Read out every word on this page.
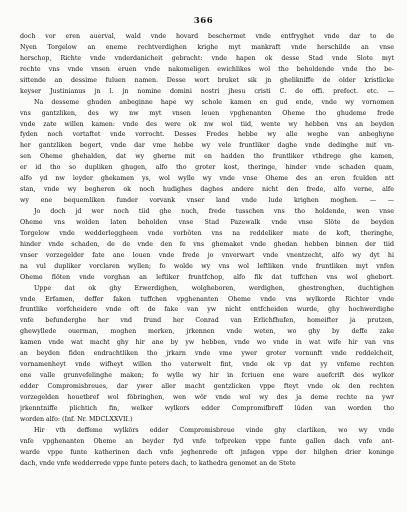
366
doch vor eren auerval, wald vnde hovard beschermet vnde entfryghet vnde dar to de
Nyen Torgelow an eneme rechtverdighen krighe myt mankraft vnde herschilde an vnse
herschop, Richte vnde vnderdanicheit gebracht: vnde hapen ok desse Stad vnde Slote myt
rechte vns vnde vnsen eruen vnde nakomeligen ewichlikes wol tho beholdende vnde tho be-
sittende an dessime fuluen namen. Desse wort bruket sik jn ghelikniffe de older kristlicke
keyser Justinianus jn l. jn nomine domini nostri jhesu cristi C. de offi. prefect. etc. —
Na desseme ghuden anbeginne hape wy schole kamen en gud ende, vnde wy vornomen
vns gantzliken, des wy nw myt vnsen leuen vpghenanten Oheme tho ghudeme frede
vnde zate willen kamen: vnde des were ok nw wol tiid, wente wy hebben vns an beyden
fyden noch vortaftet vnde vorrocht. Desses Fredes hebbe wy alle weghe van anbeghyne
her gantzliken begert, vnde dar vme hebbe wy vele fruntliker daghe vnde dedinghe mit vn-
sen Oheme ghehalden, dat wy gherne mit en hadden tho fruntliker vthdrege ghe kamen,
er id tho so dupliken ghugen, alfo tho groter kost, theringe, hinder vnde schaden quam,
alfo yd nw leyder ghekamen ys, wol wylle wy vnde vnse Oheme des an eren fculden ntt
stan, vnde wy begheren ok noch hudighes daghes andere nicht den frede, alfo verne, alfe
wy ene bequemliken funder vorvank vnser land vnde lude krighen moghen. — —
Jo doch jd wer noch tiid ghe nuch, frede tusschen vns tho holdende, wen vnse
Oheme vns wolden laten beholden vnse Stad Pazewalk vnde vnse Slöte de beyden
Torgelow vnde wedderleggheen vnde vorbôten vns na reddeliker mate de koft, theringhe,
hinder vnde schaden, de de vnde den fe vns ghemaket vnde ghedan hebben binnen der tiid
vnser vorzegelder fate ane louen vnde frede jo vnverwart vnde vnentzecht, alfo wy dyt hi
na vul dupliker vorclaren wyllen; fo wolde wy vns wol leftliken vnde fruntliken myt vnfen
Oheme flöten vnde vorghan an leftiker fruntfchop, alfo fik dat tuffchen vns wol ghebort.
Uppe dat ok ghy Erwerdighen, wolgheboren, werdighen, ghestrenghen, duchtighen
vnde Erfamen, deffer faken tuffchen vpghenanten Oheme vnde vns wylkorde Richter vnde
fruntlike vorfcheidere vnde oft de fake van yw nicht entfcheiden wurde, ghy hochwerdighe
vnfe befunderghe her vnd frund her Conrad van Erlichfhufen, homeifter ja prutzen,
ghewyllede ouerman, moghen merken, jrkennen vnde weten, wo ghy by deffe zake
kamen vnde wat macht ghy hir ane by yw hebben, vnde wo vnde in wat wife hir van vns
an beyden fiden endrachtliken tho jrkarn vnde vme ywer groter vornunft vnde reddelcheit,
vornamenheyt vnde wifheyt willen tho vaterwelt fint, vnde ok vp dat yy vnfeme rechten
ene valle grunvefelinghe maken; fo wylle wy hir in fcriuen ene ware auefcrift des wylkor
edder Compromisbreues, dar ywer aller macht gentzlicken vppe fteyt vnde ok den rechten
vorzegelden houetbref wol föbringhen, wen wör vnde wol wy des ja deme rechte na ywr
jrkenntniffe plichtich fin, welker wylkors edder Compromifbreff lûden van worden tho
worden alfo: (Inf. Nr. MDCLXXVII.)
Hir vth deffeme wylkörs edder Compromisbreue vinde ghy clarliken, wo wy vnde
vnfe vpghenanten Oheme an beyder fyd vnfe tofpreken vppe funte gallen dach vnfe ant-
warde vppe funte katherinen dach vnfe jeghenrede oft jnfagen vppe der hilghen drier koninge
dach, vnde vnfe wedderrede vppe funte peters dach, to kathedra genomet an de Stete
